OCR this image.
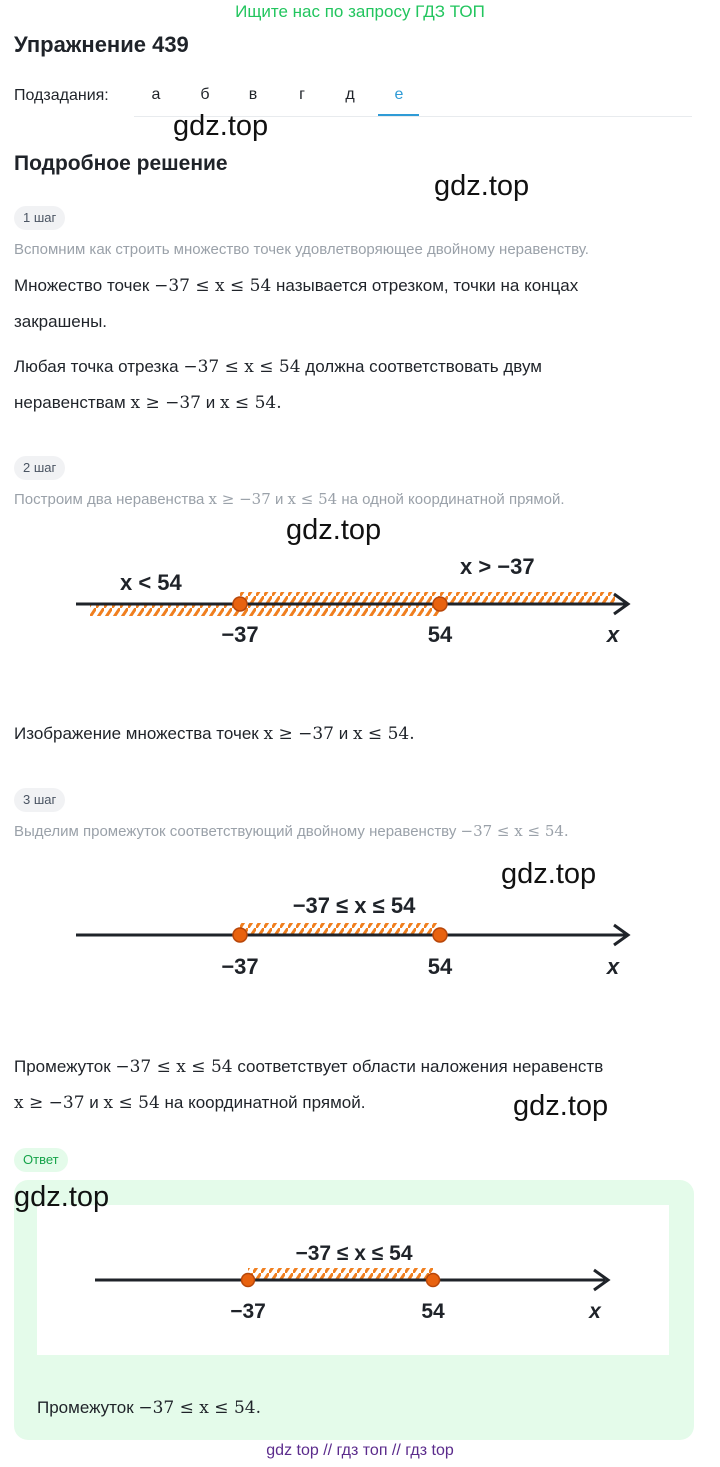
Ищите нас по запросу ГДЗ ТОП
Упражнение 439
Подзадания:	а	б	в	г	д	е
gdz.top
gdz.top
gdz.top
gdz.top
gdz.top
Подробное решение
1 шаг
Вспомним как строить множество точек удовлетворяющее двойному неравенству.
Множество точек −37 ≤ x ≤ 54 называется отрезком, точки на концах
закрашены.
Любая точка отрезка −37 ≤ x ≤ 54 должна соответствовать двум
неравенствам x ≥ −37 и x ≤ 54.
2 шаг
Построим два неравенства x ≥ −37 и x ≤ 54 на одной координатной прямой.
x < 54
x > −37
−37	54	x
Изображение множества точек x ≥ −37 и x ≤ 54.
3 шаг
Выделим промежуток соответствующий двойному неравенству −37 ≤ x ≤ 54.
−37 ≤ x ≤ 54
−37	54	x
Промежуток −37 ≤ x ≤ 54 соответствует области наложения неравенств
x ≥ −37 и x ≤ 54 на координатной прямой.
Ответ
gdz.top
−37 ≤ x ≤ 54
−37	54	x
Промежуток −37 ≤ x ≤ 54.
gdz top // гдз топ // гдз top
